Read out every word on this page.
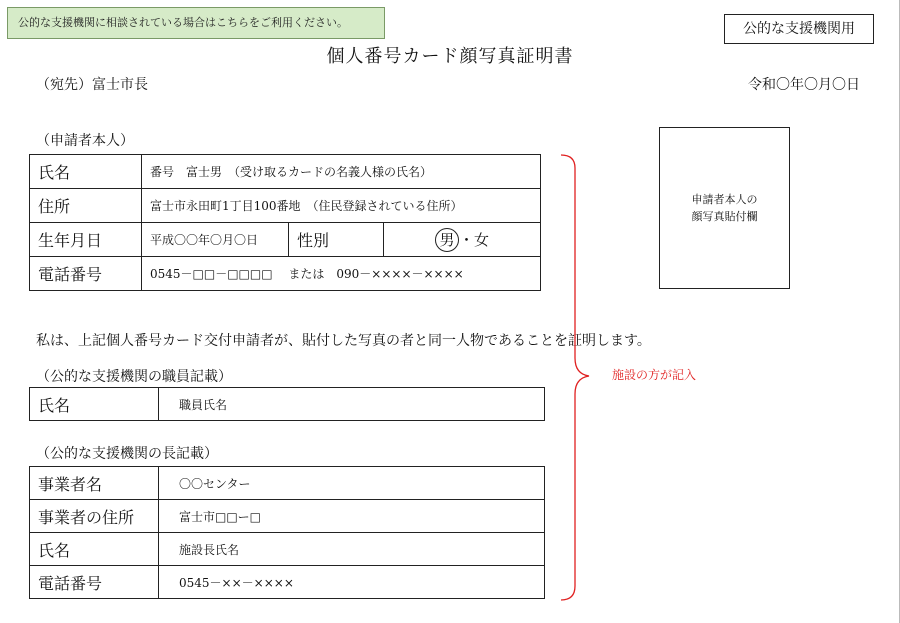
公的な支援機関に相談されている場合はこちらをご利用ください。	公的な支援機関用
個人番号カード顔写真証明書
（宛先）富士市長	令和〇年〇月〇日
（申請者本人）
氏名	番号　富士男　（受け取るカードの名義人様の氏名）		
住所	富士市永田町1丁目100番地　（住民登録されている住所）		
生年月日	平成〇〇年〇月〇日	性別	男 ・女
電話番号	0545－□□－□□□□　 または　090－××××－××××		
申請者本人の
顔写真貼付欄
私は、上記個人番号カード交付申請者が、貼付した写真の者と同一人物であることを証明します。
（公的な支援機関の職員記載）
氏名	職員氏名
（公的な支援機関の長記載）
事業者名	〇〇センター
事業者の住所	富士市□□ー□
氏名	施設長氏名
電話番号	0545－××－××××
施設の方が記入
